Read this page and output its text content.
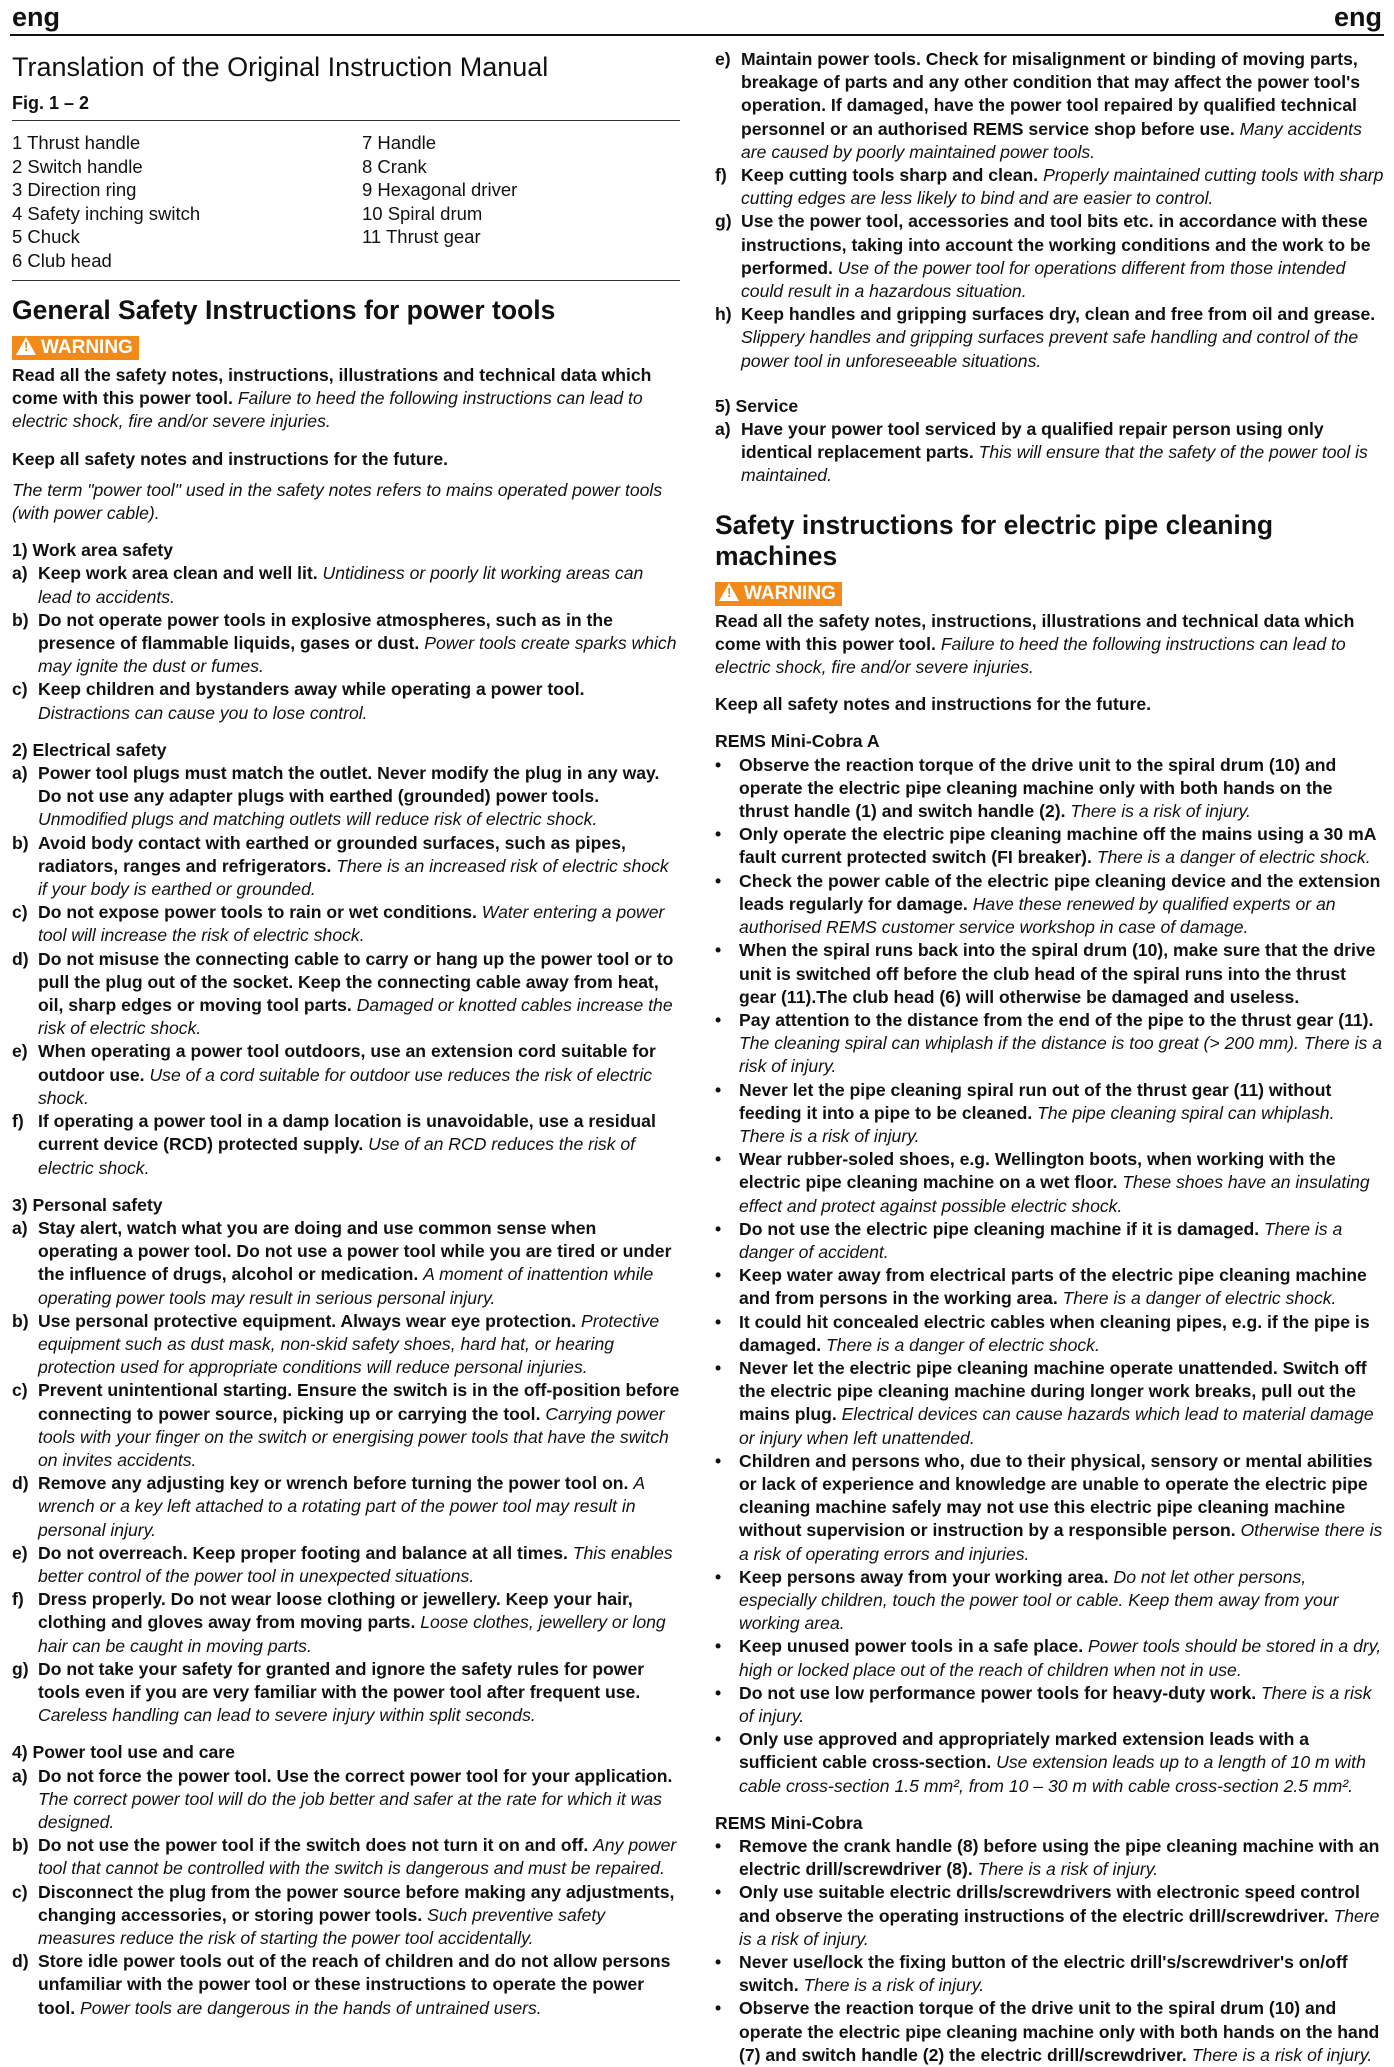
eng	eng
Translation of the Original Instruction Manual
Fig. 1 – 2
1 Thrust handle
2 Switch handle
3 Direction ring
4 Safety inching switch
5 Chuck
6 Club head
7 Handle
8 Crank
9 Hexagonal driver
10 Spiral drum
11 Thrust gear
General Safety Instructions for power tools
! WARNING

Read all the safety notes, instructions, illustrations and technical data which come with this power tool. Failure to heed the following instructions can lead to electric shock, fire and/or severe injuries.

Keep all safety notes and instructions for the future.

The term "power tool" used in the safety notes refers to mains operated power tools (with power cable).

1) Work area safety
a) Keep work area clean and well lit. Untidiness or poorly lit working areas can lead to accidents.
b) Do not operate power tools in explosive atmospheres, such as in the presence of flammable liquids, gases or dust. Power tools create sparks which may ignite the dust or fumes.
c) Keep children and bystanders away while operating a power tool. Distractions can cause you to lose control.
2) Electrical safety
a) Power tool plugs must match the outlet. Never modify the plug in any way. Do not use any adapter plugs with earthed (grounded) power tools. Unmodified plugs and matching outlets will reduce risk of electric shock.
b) Avoid body contact with earthed or grounded surfaces, such as pipes, radiators, ranges and refrigerators. There is an increased risk of electric shock if your body is earthed or grounded.
c) Do not expose power tools to rain or wet conditions. Water entering a power tool will increase the risk of electric shock.
d) Do not misuse the connecting cable to carry or hang up the power tool or to pull the plug out of the socket. Keep the connecting cable away from heat, oil, sharp edges or moving tool parts. Damaged or knotted cables increase the risk of electric shock.
e) When operating a power tool outdoors, use an extension cord suitable for outdoor use. Use of a cord suitable for outdoor use reduces the risk of electric shock.
f) If operating a power tool in a damp location is unavoidable, use a residual current device (RCD) protected supply. Use of an RCD reduces the risk of electric shock.
3) Personal safety
a) Stay alert, watch what you are doing and use common sense when operating a power tool. Do not use a power tool while you are tired or under the influence of drugs, alcohol or medication. A moment of inattention while operating power tools may result in serious personal injury.
b) Use personal protective equipment. Always wear eye protection. Protective equipment such as dust mask, non-skid safety shoes, hard hat, or hearing protection used for appropriate conditions will reduce personal injuries.
c) Prevent unintentional starting. Ensure the switch is in the off-position before connecting to power source, picking up or carrying the tool. Carrying power tools with your finger on the switch or energising power tools that have the switch on invites accidents.
d) Remove any adjusting key or wrench before turning the power tool on. A wrench or a key left attached to a rotating part of the power tool may result in personal injury.
e) Do not overreach. Keep proper footing and balance at all times. This enables better control of the power tool in unexpected situations.
f) Dress properly. Do not wear loose clothing or jewellery. Keep your hair, clothing and gloves away from moving parts. Loose clothes, jewellery or long hair can be caught in moving parts.
g) Do not take your safety for granted and ignore the safety rules for power tools even if you are very familiar with the power tool after frequent use. Careless handling can lead to severe injury within split seconds.
4) Power tool use and care
a) Do not force the power tool. Use the correct power tool for your application. The correct power tool will do the job better and safer at the rate for which it was designed.
b) Do not use the power tool if the switch does not turn it on and off. Any power tool that cannot be controlled with the switch is dangerous and must be repaired.
c) Disconnect the plug from the power source before making any adjustments, changing accessories, or storing power tools. Such preventive safety measures reduce the risk of starting the power tool accidentally.
d) Store idle power tools out of the reach of children and do not allow persons unfamiliar with the power tool or these instructions to operate the power tool. Power tools are dangerous in the hands of untrained users.
e) Maintain power tools. Check for misalignment or binding of moving parts, breakage of parts and any other condition that may affect the power tool's operation. If damaged, have the power tool repaired by qualified technical personnel or an authorised REMS service shop before use. Many accidents are caused by poorly maintained power tools.
f) Keep cutting tools sharp and clean. Properly maintained cutting tools with sharp cutting edges are less likely to bind and are easier to control.
g) Use the power tool, accessories and tool bits etc. in accordance with these instructions, taking into account the working conditions and the work to be performed. Use of the power tool for operations different from those intended could result in a hazardous situation.
h) Keep handles and gripping surfaces dry, clean and free from oil and grease. Slippery handles and gripping surfaces prevent safe handling and control of the power tool in unforeseeable situations.
5) Service
a) Have your power tool serviced by a qualified repair person using only identical replacement parts. This will ensure that the safety of the power tool is maintained.
Safety instructions for electric pipe cleaning machines
! WARNING

Read all the safety notes, instructions, illustrations and technical data which come with this power tool. Failure to heed the following instructions can lead to electric shock, fire and/or severe injuries.

Keep all safety notes and instructions for the future.

REMS Mini-Cobra A
•	Observe the reaction torque of the drive unit to the spiral drum (10) and operate the electric pipe cleaning machine only with both hands on the thrust handle (1) and switch handle (2). There is a risk of injury.
•	Only operate the electric pipe cleaning machine off the mains using a 30 mA fault current protected switch (FI breaker). There is a danger of electric shock.
•	Check the power cable of the electric pipe cleaning device and the extension leads regularly for damage. Have these renewed by qualified experts or an authorised REMS customer service workshop in case of damage.
•	When the spiral runs back into the spiral drum (10), make sure that the drive unit is switched off before the club head of the spiral runs into the thrust gear (11).The club head (6) will otherwise be damaged and useless.
•	Pay attention to the distance from the end of the pipe to the thrust gear (11). The cleaning spiral can whiplash if the distance is too great (> 200 mm). There is a risk of injury.
•	Never let the pipe cleaning spiral run out of the thrust gear (11) without feeding it into a pipe to be cleaned. The pipe cleaning spiral can whiplash. There is a risk of injury.
•	Wear rubber-soled shoes, e.g. Wellington boots, when working with the electric pipe cleaning machine on a wet floor. These shoes have an insulating effect and protect against possible electric shock.
•	Do not use the electric pipe cleaning machine if it is damaged. There is a danger of accident.
•	Keep water away from electrical parts of the electric pipe cleaning machine and from persons in the working area. There is a danger of electric shock.
•	It could hit concealed electric cables when cleaning pipes, e.g. if the pipe is damaged. There is a danger of electric shock.
•	Never let the electric pipe cleaning machine operate unattended. Switch off the electric pipe cleaning machine during longer work breaks, pull out the mains plug. Electrical devices can cause hazards which lead to material damage or injury when left unattended.
•	Children and persons who, due to their physical, sensory or mental abilities or lack of experience and knowledge are unable to operate the electric pipe cleaning machine safely may not use this electric pipe cleaning machine without supervision or instruction by a responsible person. Otherwise there is a risk of operating errors and injuries.
•	Keep persons away from your working area. Do not let other persons, especially children, touch the power tool or cable. Keep them away from your working area.
•	Keep unused power tools in a safe place. Power tools should be stored in a dry, high or locked place out of the reach of children when not in use.
•	Do not use low performance power tools for heavy-duty work. There is a risk of injury.
•	Only use approved and appropriately marked extension leads with a sufficient cable cross-section. Use extension leads up to a length of 10 m with cable cross-section 1.5 mm², from 10 – 30 m with cable cross-section 2.5 mm².
REMS Mini-Cobra
•	Remove the crank handle (8) before using the pipe cleaning machine with an electric drill/screwdriver (8). There is a risk of injury.
•	Only use suitable electric drills/screwdrivers with electronic speed control and observe the operating instructions of the electric drill/screwdriver. There is a risk of injury.
•	Never use/lock the fixing button of the electric drill's/screwdriver's on/off switch. There is a risk of injury.
•	Observe the reaction torque of the drive unit to the spiral drum (10) and operate the electric pipe cleaning machine only with both hands on the hand (7) and switch handle (2) the electric drill/screwdriver. There is a risk of injury.
